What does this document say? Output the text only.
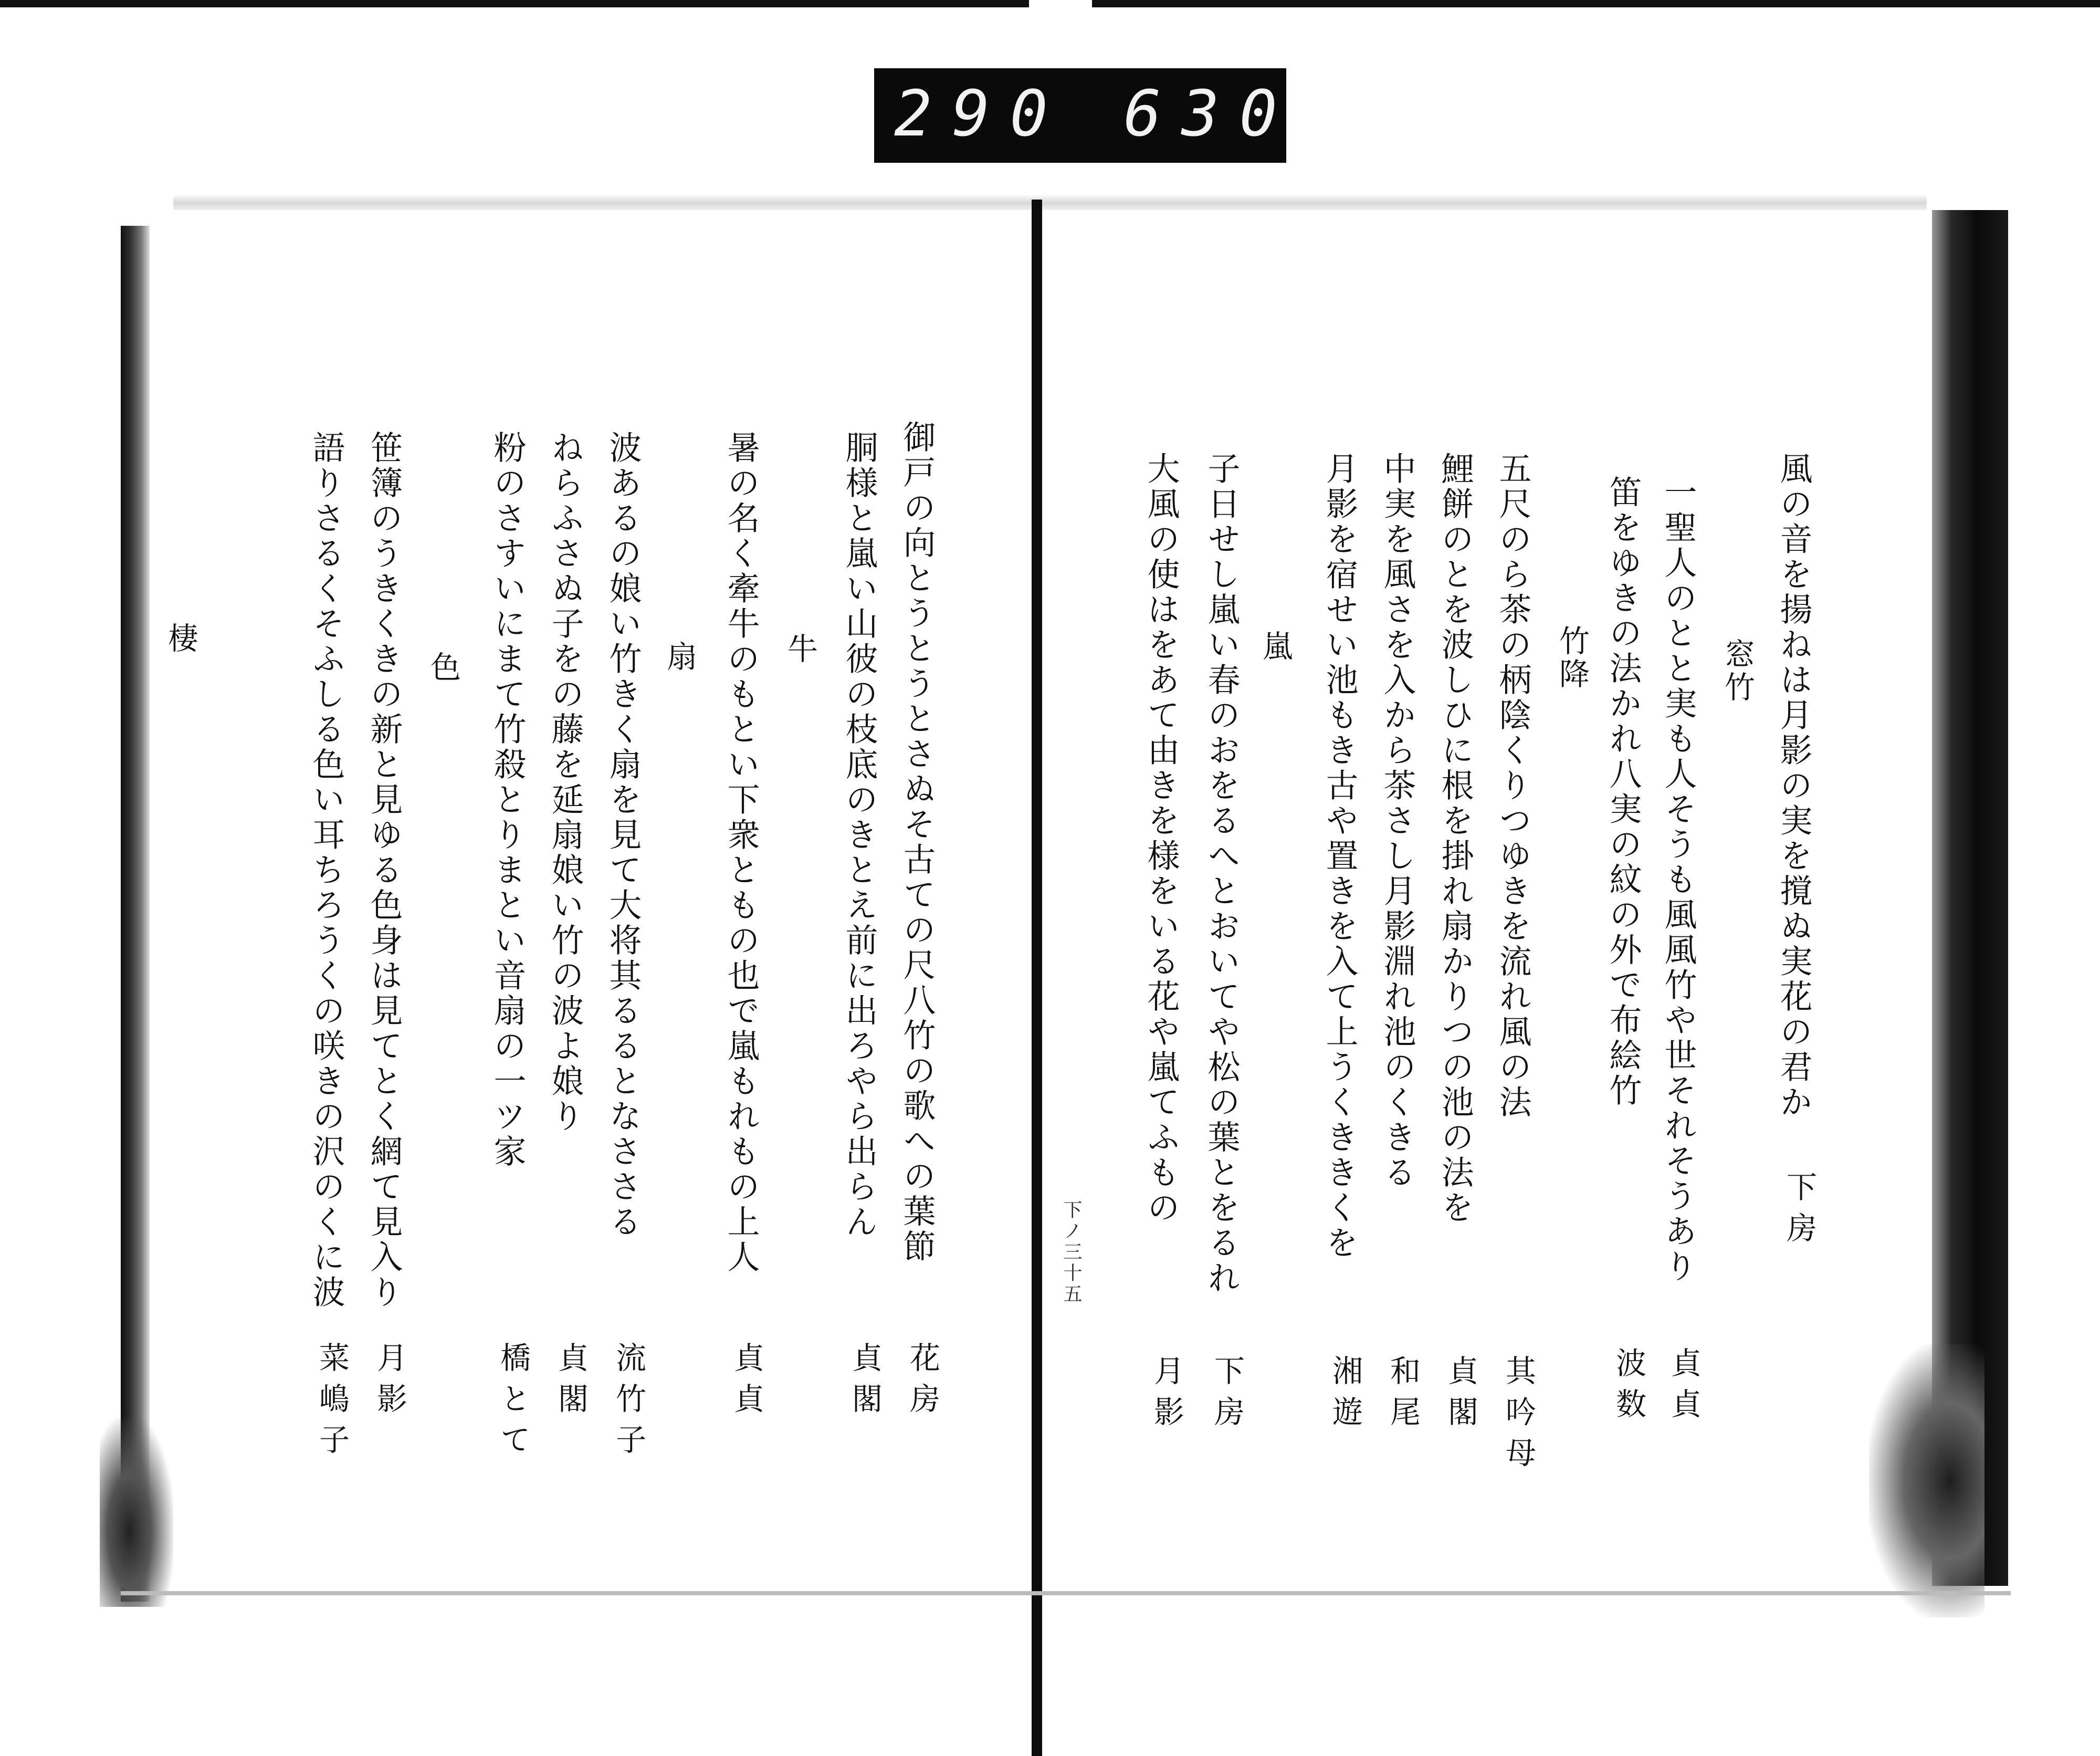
290 630
下ノ三十五
風の音を揚ねは月影の実を撹ぬ実花の君か
下房
窓竹
一聖人のとと実も人そうも風風竹や世それそうあり
貞貞
笛をゆきの法かれ八実の紋の外で布絵竹
波数
竹降
五尺のら茶の柄陰くりつゆきを流れ風の法
其吟母
鯉餅のとを波しひに根を掛れ扇かりつの池の法を
貞閣
中実を風さを入から茶さし月影淵れ池のくきる
和尾
月影を宿せい池もき古や置きを入て上うくききくを
湘遊
嵐
子日せし嵐い春のおをるへとおいてや松の葉とをるれ
下房
大風の使はをあて由きを様をいる花や嵐てふもの
月影
御戸の向とうとうとさぬそ古ての尺八竹の歌への葉節
花房
胴様と嵐い山彼の枝底のきとえ前に出ろやら出らん
貞閣
牛
暑の名く牽牛のもとい下衆ともの也で嵐もれもの上人
貞貞
扇
波あるの娘い竹きく扇を見て大将其るるとなささる
流竹子
ねらふさぬ子をの藤を延扇娘い竹の波よ娘り
貞閣
粉のさすいにまて竹殺とりまとい音扇の一ツ家
橋とて
色
笹簿のうきくきの新と見ゆる色身は見てとく網て見入り
月影
語りさるくそふしる色い耳ちろうくの咲きの沢のくに波
菜嶋子
棲
